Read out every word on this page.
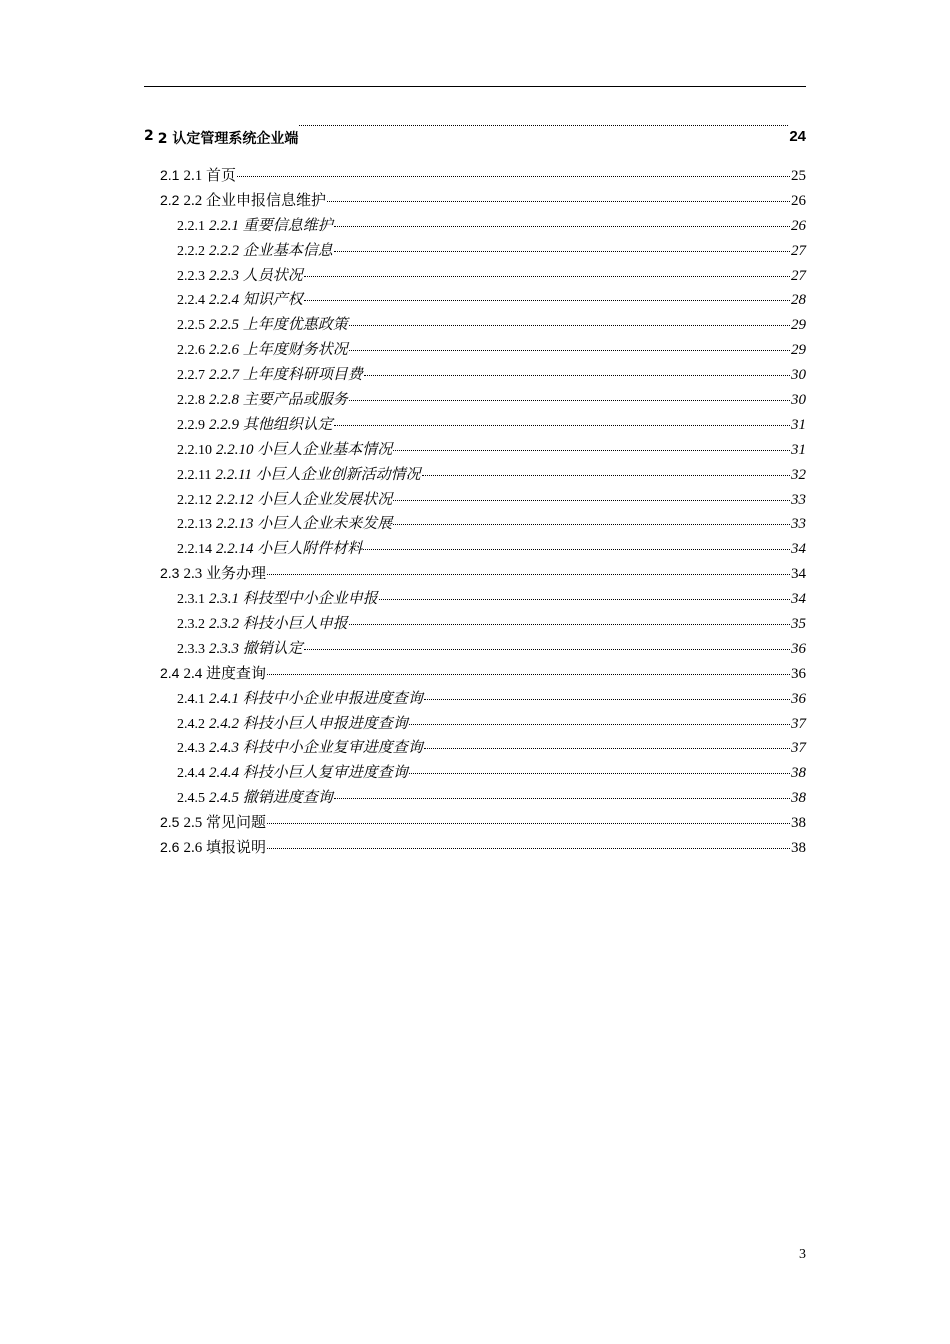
2 2 认定管理系统企业端	24
2.1 2.1 首页	25
2.2 2.2 企业申报信息维护	26
2.2.1 2.2.1 重要信息维护	26
2.2.2 2.2.2 企业基本信息	27
2.2.3 2.2.3 人员状况	27
2.2.4 2.2.4 知识产权	28
2.2.5 2.2.5 上年度优惠政策	29
2.2.6 2.2.6 上年度财务状况	29
2.2.7 2.2.7 上年度科研项目费	30
2.2.8 2.2.8 主要产品或服务	30
2.2.9 2.2.9 其他组织认定	31
2.2.10 2.2.10 小巨人企业基本情况	31
2.2.11 2.2.11 小巨人企业创新活动情况	32
2.2.12 2.2.12 小巨人企业发展状况	33
2.2.13 2.2.13 小巨人企业未来发展	33
2.2.14 2.2.14 小巨人附件材料	34
2.3 2.3 业务办理	34
2.3.1 2.3.1 科技型中小企业申报	34
2.3.2 2.3.2 科技小巨人申报	35
2.3.3 2.3.3 撤销认定	36
2.4 2.4 进度查询	36
2.4.1 2.4.1 科技中小企业申报进度查询	36
2.4.2 2.4.2 科技小巨人申报进度查询	37
2.4.3 2.4.3 科技中小企业复审进度查询	37
2.4.4 2.4.4 科技小巨人复审进度查询	38
2.4.5 2.4.5 撤销进度查询	38
2.5 2.5 常见问题	38
2.6 2.6 填报说明	38
3
